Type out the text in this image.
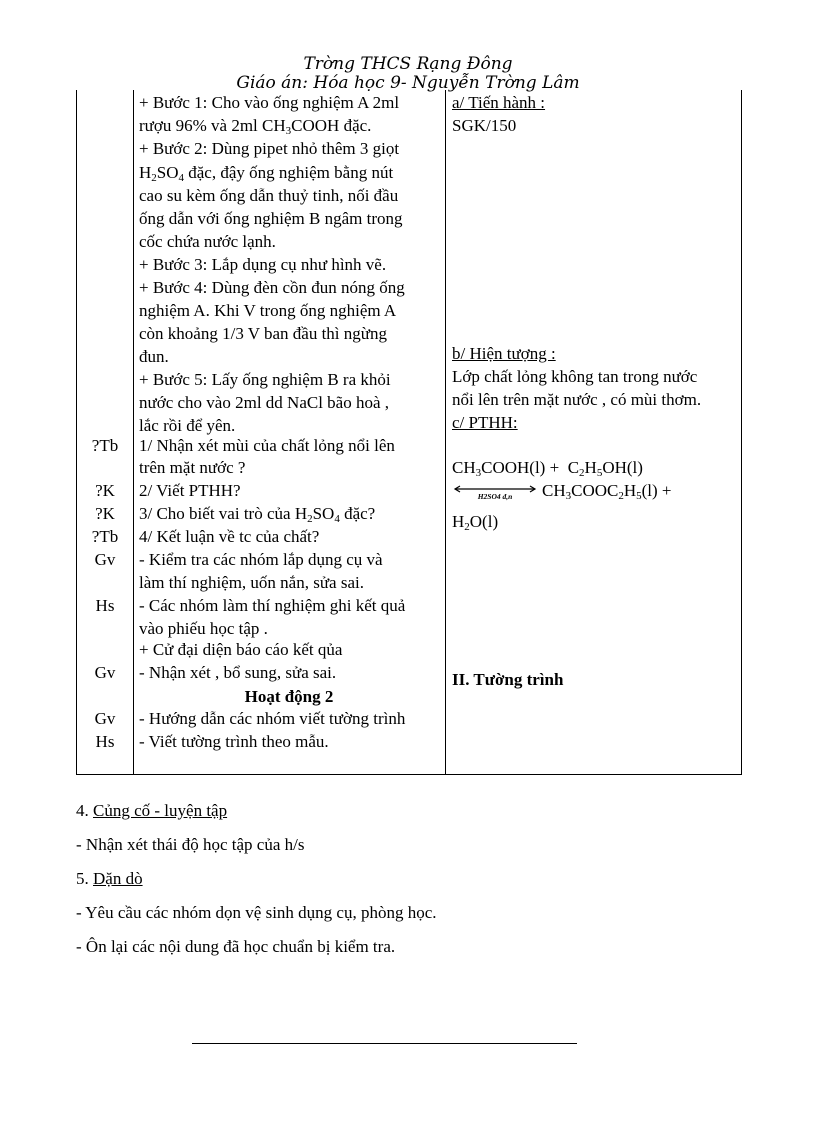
Trờng THCS Rạng Đông
Giáo án: Hóa học 9- Nguyễn Trờng Lâm
?Tb
?K
?K
?Tb
Gv
Hs
Gv
Gv
Hs
+ Bước 1: Cho vào ống nghiệm A 2ml
rượu 96% và 2ml $CH_3COOH$ đặc.
+ Bước 2: Dùng pipet nhỏ thêm 3 giọt
$H_2SO_4$ đặc, đậy ống nghiệm bằng nút
cao su kèm ống dẫn thuỷ tinh, nối đầu
ống dẫn với ống nghiệm B ngâm trong
cốc chứa nước lạnh.
+ Bước 3: Lắp dụng cụ như hình vẽ.
+ Bước 4: Dùng đèn cồn đun nóng ống
nghiệm A. Khi V trong ống nghiệm A
còn khoảng 1/3 V ban đầu thì ngừng
đun.
+ Bước 5: Lấy ống nghiệm B ra khỏi
nước cho vào 2ml dd NaCl bão hoà ,
lắc rồi để yên.
1/ Nhận xét mùi của chất lỏng nổi lên
trên mặt nước ?
2/ Viết PTHH?
3/ Cho biết vai trò của $H_2SO_4$ đặc?
4/ Kết luận về tc của chất?
- Kiểm tra các nhóm lắp dụng cụ và
làm thí nghiệm, uốn nắn, sửa sai.
- Các nhóm làm thí nghiệm ghi kết quả
vào phiếu học tập .
+ Cử đại diện báo cáo kết qủa
- Nhận xét , bổ sung, sửa sai.
Hoạt động 2
- Hướng dẫn các nhóm viết tường trình
- Viết tường trình theo mẫu.
a/ Tiến hành :
SGK/150
b/ Hiện tượng :
Lớp chất lỏng không tan trong nước
nổi lên trên mặt nước , có mùi thơm.
c/ PTHH:
$CH_3COOH(l) + C_2H_5OH(l)$
H2SO4 đ,n $CH_3COOC_2H_5(l)$ +
$H_2O(l)$
II. Tường trình
4. Củng cố - luyện tập
- Nhận xét thái độ học tập của h/s
5. Dặn dò
- Yêu cầu các nhóm dọn vệ sinh dụng cụ, phòng học.
- Ôn lại các nội dung đã học chuẩn bị kiểm tra.
